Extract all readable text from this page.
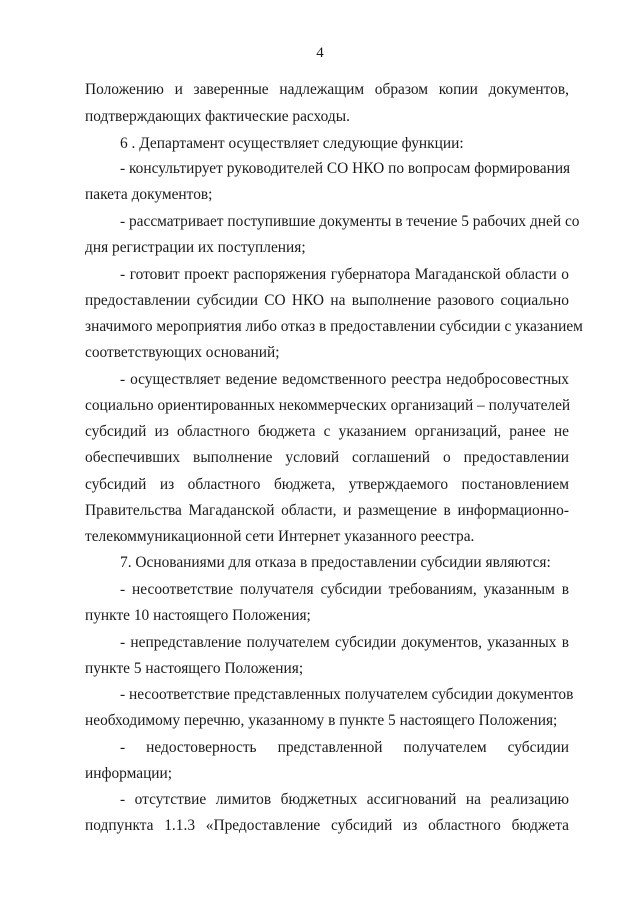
4
Положению и заверенные надлежащим образом копии документов,
подтверждающих фактические расходы.
6 . Департамент осуществляет следующие функции:
- консультирует руководителей СО НКО по вопросам формирования
пакета документов;
- рассматривает поступившие документы в течение 5 рабочих дней со
дня регистрации их поступления;
- готовит проект распоряжения губернатора Магаданской области о
предоставлении субсидии СО НКО на выполнение разового социально
значимого мероприятия либо отказ в предоставлении субсидии с указанием
соответствующих оснований;
- осуществляет ведение ведомственного реестра недобросовестных
социально ориентированных некоммерческих организаций – получателей
субсидий из областного бюджета с указанием организаций, ранее не
обеспечивших выполнение условий соглашений о предоставлении
субсидий из областного бюджета, утверждаемого постановлением
Правительства Магаданской области, и размещение в информационно-
телекоммуникационной сети Интернет указанного реестра.
7. Основаниями для отказа в предоставлении субсидии являются:
- несоответствие получателя субсидии требованиям, указанным в
пункте 10 настоящего Положения;
- непредставление получателем субсидии документов, указанных в
пункте 5 настоящего Положения;
- несоответствие представленных получателем субсидии документов
необходимому перечню, указанному в пункте 5 настоящего Положения;
- недостоверность представленной получателем субсидии
информации;
- отсутствие лимитов бюджетных ассигнований на реализацию
подпункта 1.1.3 «Предоставление субсидий из областного бюджета
